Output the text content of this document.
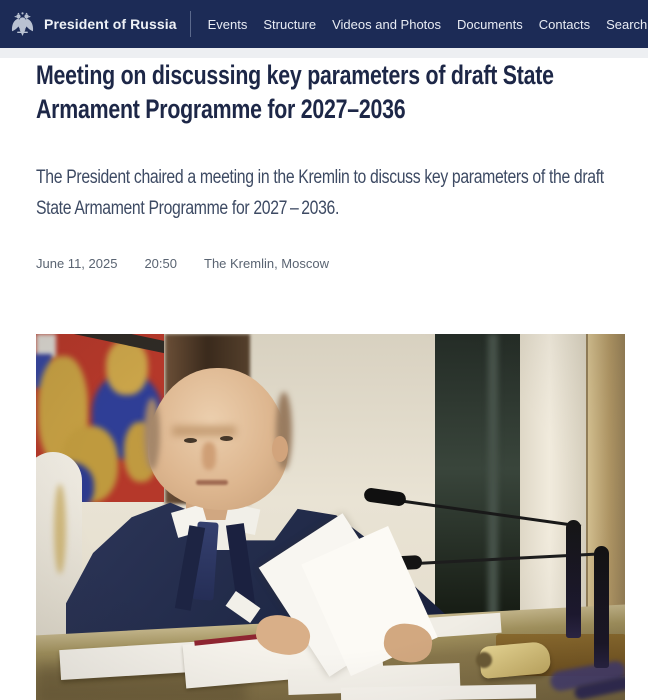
President of Russia Events Structure Videos and Photos Documents Contacts Search
Meeting on discussing key parameters of draft State Armament Programme for 2027–2036

The President chaired a meeting in the Kremlin to discuss key parameters of the draft State Armament Programme for 2027 – 2036.

June 11, 2025 20:50 The Kremlin, Moscow
